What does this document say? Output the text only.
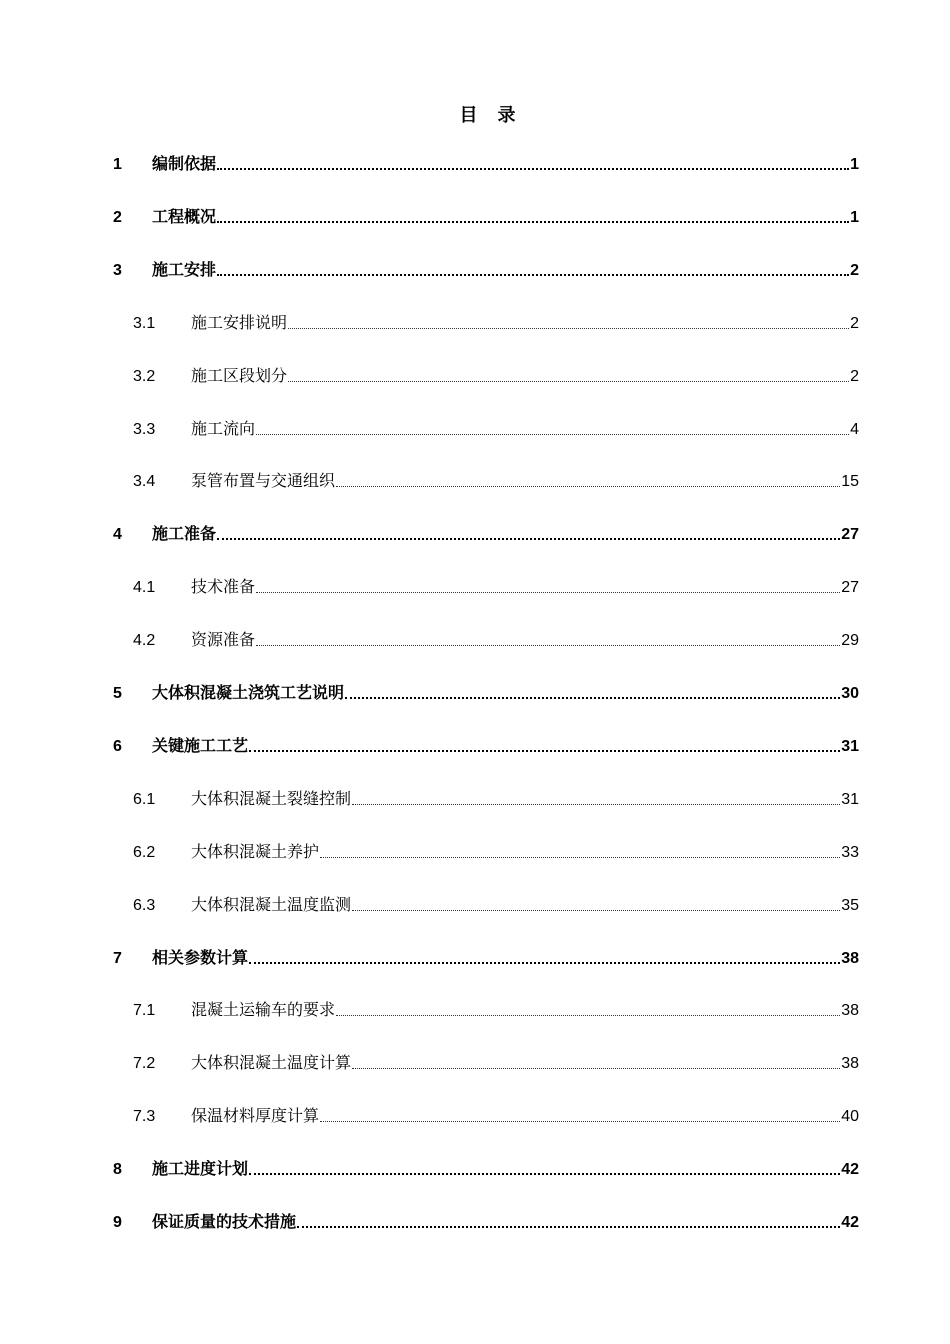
目 录
1	编制依据	1
2	工程概况	1
3	施工安排	2
3.1	施工安排说明	2
3.2	施工区段划分	2
3.3	施工流向	4
3.4	泵管布置与交通组织	15
4	施工准备	27
4.1	技术准备	27
4.2	资源准备	29
5	大体积混凝土浇筑工艺说明	30
6	关键施工工艺	31
6.1	大体积混凝土裂缝控制	31
6.2	大体积混凝土养护	33
6.3	大体积混凝土温度监测	35
7	相关参数计算	38
7.1	混凝土运输车的要求	38
7.2	大体积混凝土温度计算	38
7.3	保温材料厚度计算	40
8	施工进度计划	42
9	保证质量的技术措施	42
